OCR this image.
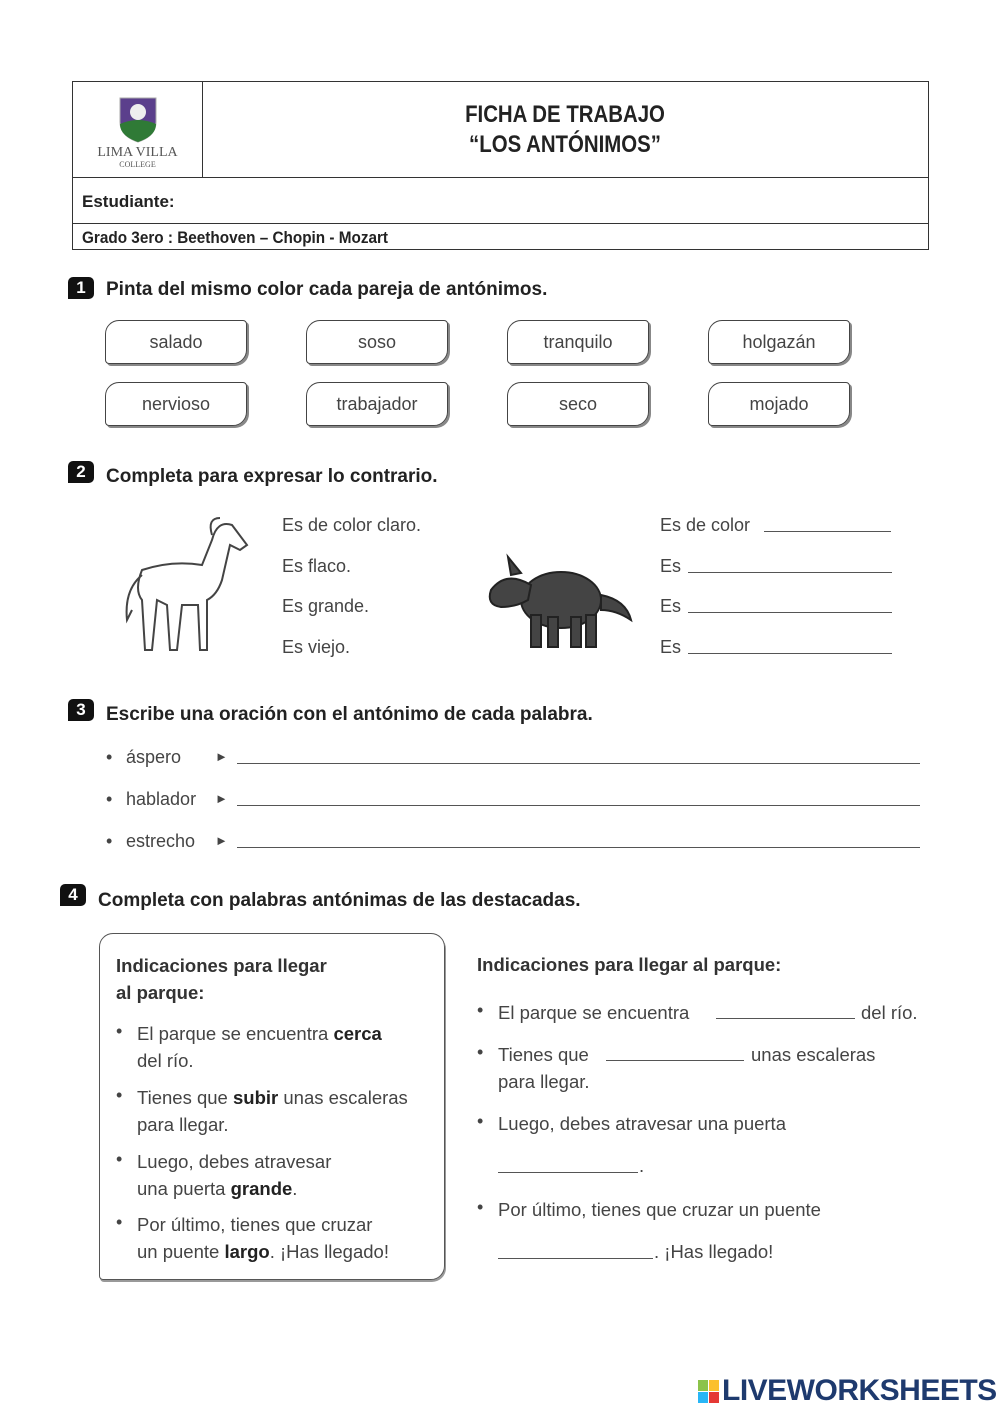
LIMA VILLA
COLLEGE
FICHA DE TRABAJO
“LOS ANTÓNIMOS”
Estudiante:
Grado 3ero : Beethoven – Chopin - Mozart
1	Pinta del mismo color cada pareja de antónimos.
salado	soso	tranquilo	holgazán
nervioso	trabajador	seco	mojado
2	Completa para expresar lo contrario.
Es de color claro.
Es flaco.
Es grande.
Es viejo.
Es de color
Es
Es
Es
3	Escribe una oración con el antónimo de cada palabra.
• áspero	►
• hablador ►
• estrecho ►
4	Completa con palabras antónimas de las destacadas.
Indicaciones para llegar
al parque:
• El parque se encuentra cerca
del río.
• Tienes que subir unas escaleras
para llegar.
• Luego, debes atravesar
una puerta grande.
• Por último, tienes que cruzar
un puente largo. ¡Has llegado!
Indicaciones para llegar al parque:
• El parque se encuentra	del río.
• Tienes que	unas escaleras
para llegar.
• Luego, debes atravesar una puerta
.
• Por último, tienes que cruzar un puente
. ¡Has llegado!
LIVEWORKSHEETS
